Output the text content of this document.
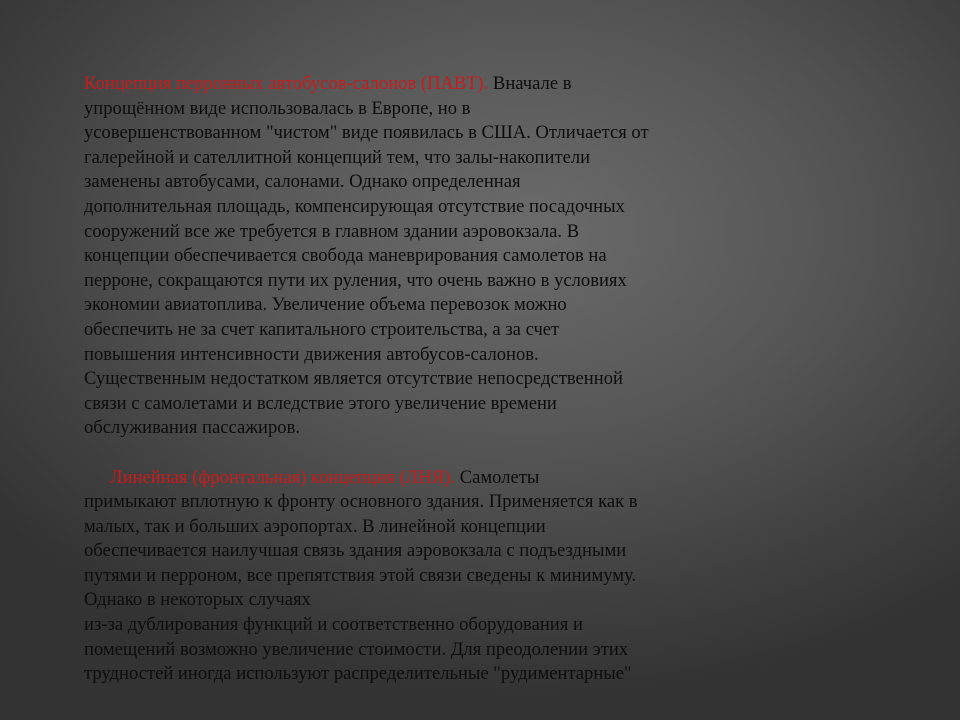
Концепция перронных автобусов-салонов (ПАВТ). Вначале в
упрощённом виде использовалась в Европе, но в
усовершенствованном "чистом" виде появилась в США. Отличается от
галерейной и сателлитной концепций тем, что залы-накопители
заменены автобусами, салонами. Однако определенная
дополнительная площадь, компенсирующая отсутствие посадочных
сооружений все же требуется в главном здании аэровокзала. В
концепции обеспечивается свобода маневрирования самолетов на
перроне, сокращаются пути их руления, что очень важно в условиях
экономии авиатоплива. Увеличение объема перевозок можно
обеспечить не за счет капитального строительства, а за счет
повышения интенсивности движения автобусов-салонов.
Существенным недостатком является отсутствие непосредственной
связи с самолетами и вследствие этого увеличение времени
обслуживания пассажиров.

Линейная (фронтальная) концепция (ЛНЯ). Самолеты
примыкают вплотную к фронту основного здания. Применяется как в
малых, так и больших аэропортах. В линейной концепции
обеспечивается наилучшая связь здания аэровокзала с подъездными
путями и перроном, все препятствия этой связи сведены к минимуму.
Однако в некоторых случаях
из-за дублирования функций и соответственно оборудования и
помещений возможно увеличение стоимости. Для преодолении этих
трудностей иногда используют распределительные "рудиментарные"
